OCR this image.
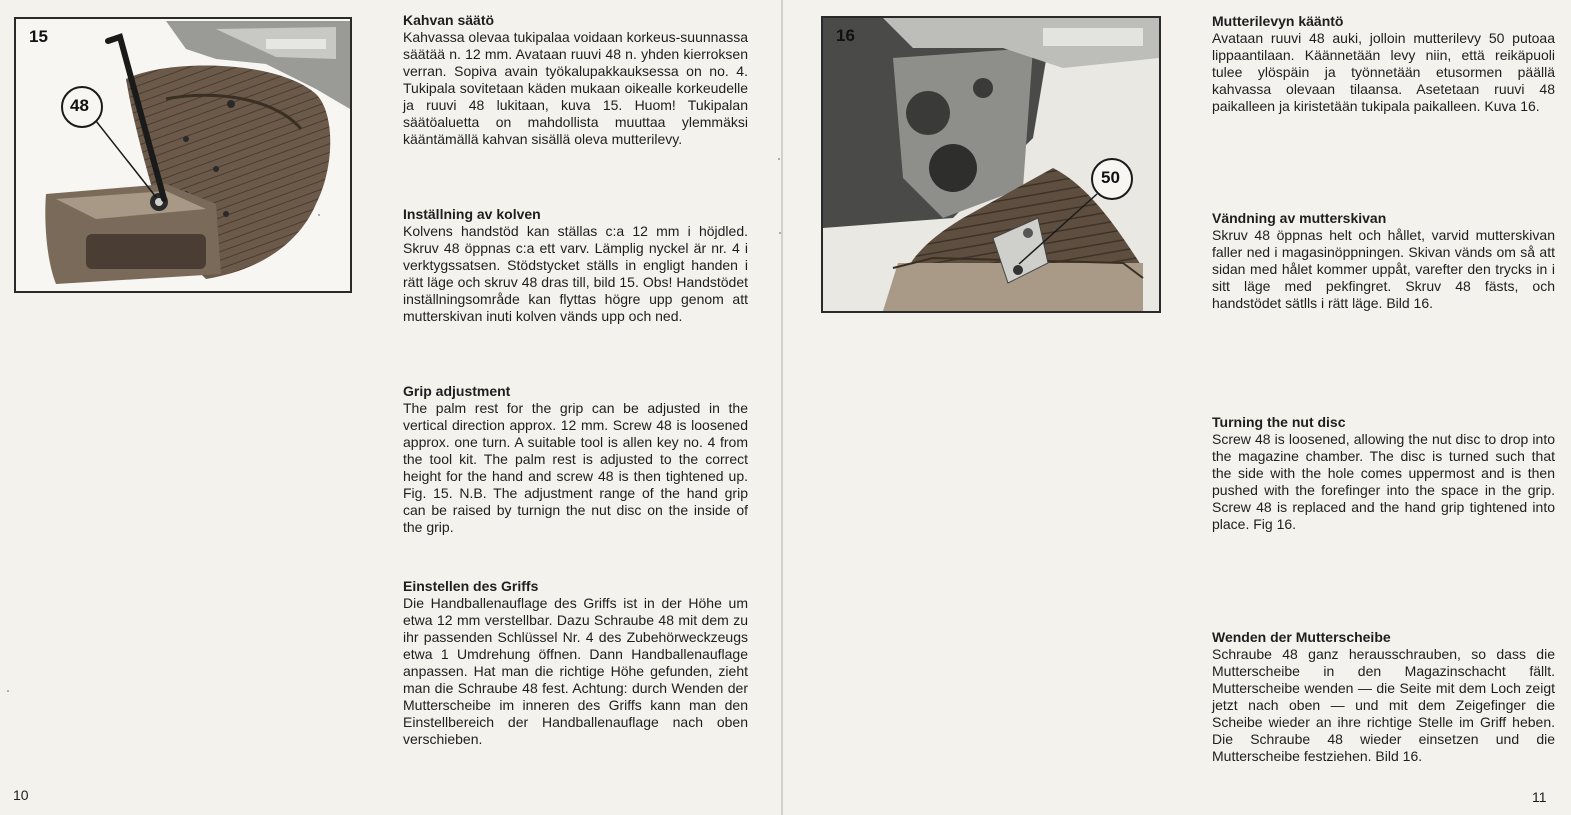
15
48
Kahvan säätö

Kahvassa olevaa tukipalaa voidaan korkeus-suunnassa säätää n. 12 mm. Avataan ruuvi 48 n. yhden kierroksen verran. Sopiva avain työkalupakkauksessa on no. 4. Tukipala sovitetaan käden mukaan oikealle korkeudelle ja ruuvi 48 lukitaan, kuva 15. Huom! Tukipalan säätöaluetta on mahdollista muuttaa ylemmäksi kääntämällä kahvan sisällä oleva mutterilevy.

Inställning av kolven

Kolvens handstöd kan ställas c:a 12 mm i höjdled. Skruv 48 öppnas c:a ett varv. Lämplig nyckel är nr. 4 i verktygssatsen. Stödstycket ställs in engligt handen i rätt läge och skruv 48 dras till, bild 15. Obs! Handstödet inställningsområde kan flyttas högre upp genom att mutterskivan inuti kolven vänds upp och ned.

Grip adjustment

The palm rest for the grip can be adjusted in the vertical direction approx. 12 mm. Screw 48 is loosened approx. one turn. A suitable tool is allen key no. 4 from the tool kit. The palm rest is adjusted to the correct height for the hand and screw 48 is then tightened up. Fig. 15. N.B. The adjustment range of the hand grip can be raised by turnign the nut disc on the inside of the grip.

Einstellen des Griffs

Die Handballenauflage des Griffs ist in der Höhe um etwa 12 mm verstellbar. Dazu Schraube 48 mit dem zu ihr passenden Schlüssel Nr. 4 des Zubehörweckzeugs etwa 1 Umdrehung öffnen. Dann Handballenauflage anpassen. Hat man die richtige Höhe gefunden, zieht man die Schraube 48 fest. Achtung: durch Wenden der Mutterscheibe im inneren des Griffs kann man den Einstellbereich der Handballenauflage nach oben verschieben.

10
16
50
Mutterilevyn kääntö

Avataan ruuvi 48 auki, jolloin mutterilevy 50 putoaa lippaantilaan. Käännetään levy niin, että reikäpuoli tulee ylöspäin ja työnnetään etusormen päällä kahvassa olevaan tilaansa. Asetetaan ruuvi 48 paikalleen ja kiristetään tukipala paikalleen. Kuva 16.

Vändning av mutterskivan

Skruv 48 öppnas helt och hållet, varvid mutterskivan faller ned i magasinöppningen. Skivan vänds om så att sidan med hålet kommer uppåt, varefter den trycks in i sitt läge med pekfingret. Skruv 48 fästs, och handstödet sätlls i rätt läge. Bild 16.

Turning the nut disc

Screw 48 is loosened, allowing the nut disc to drop into the magazine chamber. The disc is turned such that the side with the hole comes uppermost and is then pushed with the forefinger into the space in the grip. Screw 48 is replaced and the hand grip tightened into place. Fig 16.

Wenden der Mutterscheibe

Schraube 48 ganz herausschrauben, so dass die Mutterscheibe in den Magazinschacht fällt. Mutterscheibe wenden — die Seite mit dem Loch zeigt jetzt nach oben — und mit dem Zeigefinger die Scheibe wieder an ihre richtige Stelle im Griff heben. Die Schraube 48 wieder einsetzen und die Mutterscheibe festziehen. Bild 16.

11
